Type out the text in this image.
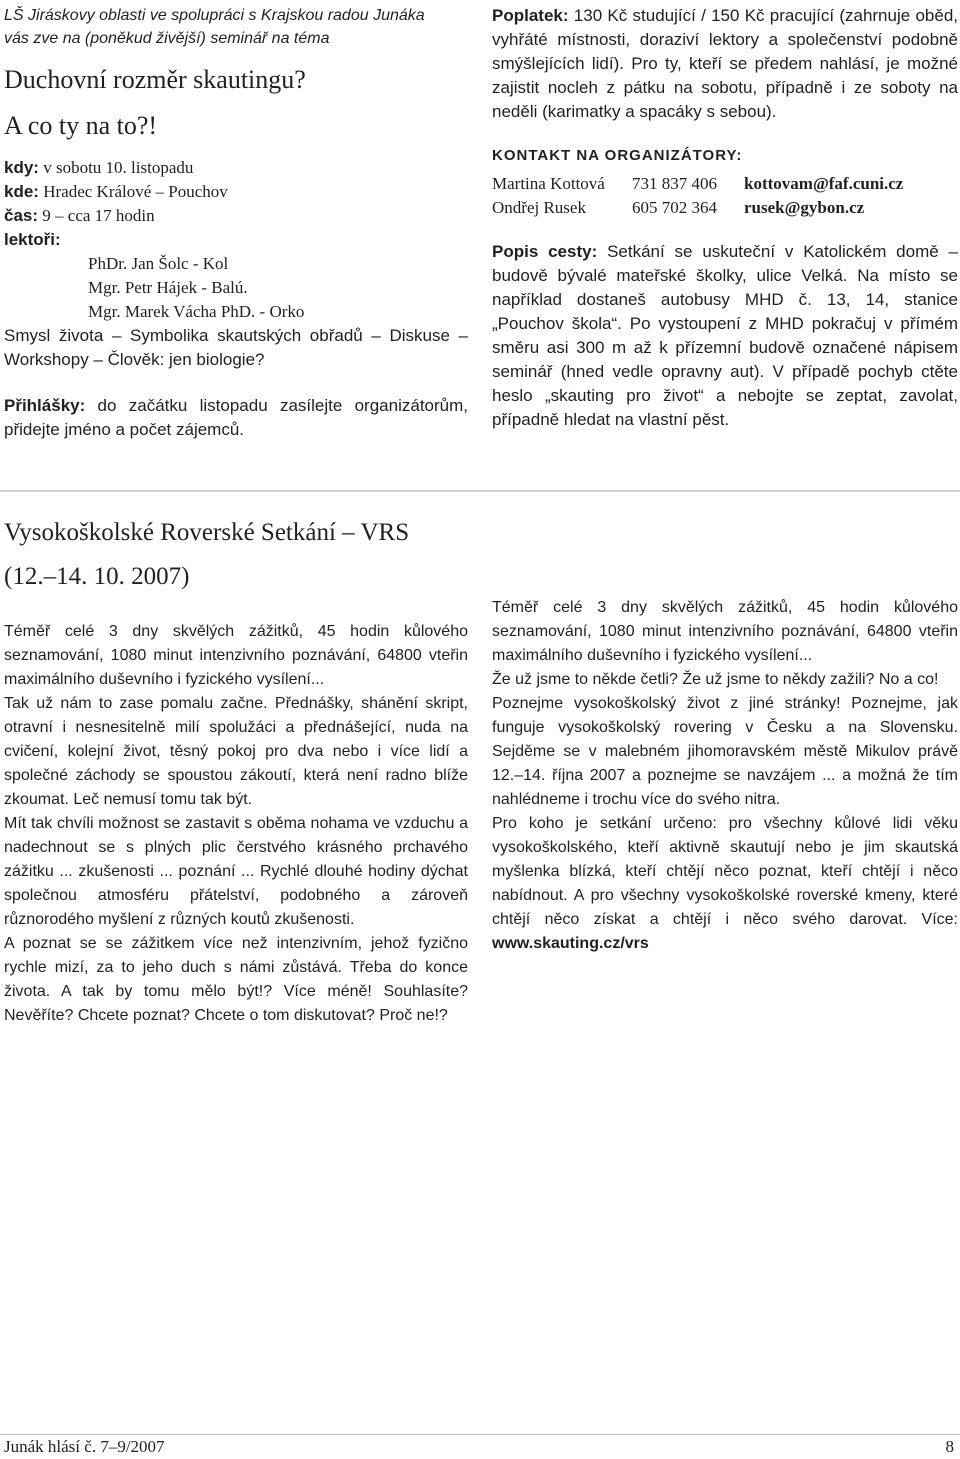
LŠ Jiráskovy oblasti ve spolupráci s Krajskou radou Junáka

vás zve na (poněkud živější) seminář na téma

Duchovní rozměr skautingu?

A co ty na to?!

kdy: v sobotu 10. listopadu

kde: Hradec Králové – Pouchov

čas: 9 – cca 17 hodin

lektoři:

PhDr. Jan Šolc - Kol

Mgr. Petr Hájek - Balú.

Mgr. Marek Vácha PhD. - Orko

Smysl života – Symbolika skautských obřadů – Diskuse – Workshopy – Člověk: jen biologie?

Přihlášky: do začátku listopadu zasílejte organizátorům, přidejte jméno a počet zájemců.

Poplatek: 130 Kč studující / 150 Kč pracující (zahrnuje oběd, vyhřáté místnosti, doraziví lektory a společenství podobně smýšlejících lidí). Pro ty, kteří se předem nahlásí, je možné zajistit nocleh z pátku na sobotu, případně i ze soboty na neděli (karimatky a spacáky s sebou).

KONTAKT NA ORGANIZÁTORY:

Martina Kottová	731 837 406	kottovam@faf.cuni.cz
Ondřej Rusek	605 702 364	rusek@gybon.cz

Popis cesty: Setkání se uskuteční v Katolickém domě – budově bývalé mateřské školky, ulice Velká. Na místo se například dostaneš autobusy MHD č. 13, 14, stanice „Pouchov škola“. Po vystoupení z MHD pokračuj v přímém směru asi 300 m až k přízemní budově označené nápisem seminář (hned vedle opravny aut). V případě pochyb ctěte heslo „skauting pro život“ a nebojte se zeptat, zavolat, případně hledat na vlastní pěst.

Vysokoškolské Roverské Setkání – VRS

(12.–14. 10. 2007)

Téměř celé 3 dny skvělých zážitků, 45 hodin kůlového seznamování, 1080 minut intenzivního poznávání, 64800 vteřin maximálního duševního i fyzického vysílení...

Tak už nám to zase pomalu začne. Přednášky, shánění skript, otravní i nesnesitelně milí spolužáci a přednášející, nuda na cvičení, kolejní život, těsný pokoj pro dva nebo i více lidí a společné záchody se spoustou zákoutí, která není radno blíže zkoumat. Leč nemusí tomu tak být.

Mít tak chvíli možnost se zastavit s oběma nohama ve vzduchu a nadechnout se s plných plic čerstvého krásného prchavého zážitku ... zkušenosti ... poznání ... Rychlé dlouhé hodiny dýchat společnou atmosféru přátelství, podobného a zároveň různorodého myšlení z různých koutů zkušenosti.

A poznat se se zážitkem více než intenzivním, jehož fyzično rychle mizí, za to jeho duch s námi zůstává. Třeba do konce života. A tak by tomu mělo být!? Více méně! Souhlasíte? Nevěříte? Chcete poznat? Chcete o tom diskutovat? Proč ne!?

Téměř celé 3 dny skvělých zážitků, 45 hodin kůlového seznamování, 1080 minut intenzivního poznávání, 64800 vteřin maximálního duševního i fyzického vysílení...

Že už jsme to někde četli? Že už jsme to někdy zažili? No a co!

Poznejme vysokoškolský život z jiné stránky! Poznejme, jak funguje vysokoškolský rovering v Česku a na Slovensku. Sejděme se v malebném jihomoravském městě Mikulov právě 12.–14. října 2007 a poznejme se navzájem ... a možná že tím nahlédneme i trochu více do svého nitra.

Pro koho je setkání určeno: pro všechny kůlové lidi věku vysokoškolského, kteří aktivně skautují nebo je jim skautská myšlenka blízká, kteří chtějí něco poznat, kteří chtějí i něco nabídnout. A pro všechny vysokoškolské roverské kmeny, které chtějí něco získat a chtějí i něco svého darovat. Více: www.skauting.cz/vrs

Junák hlásí č. 7–9/2007	8
